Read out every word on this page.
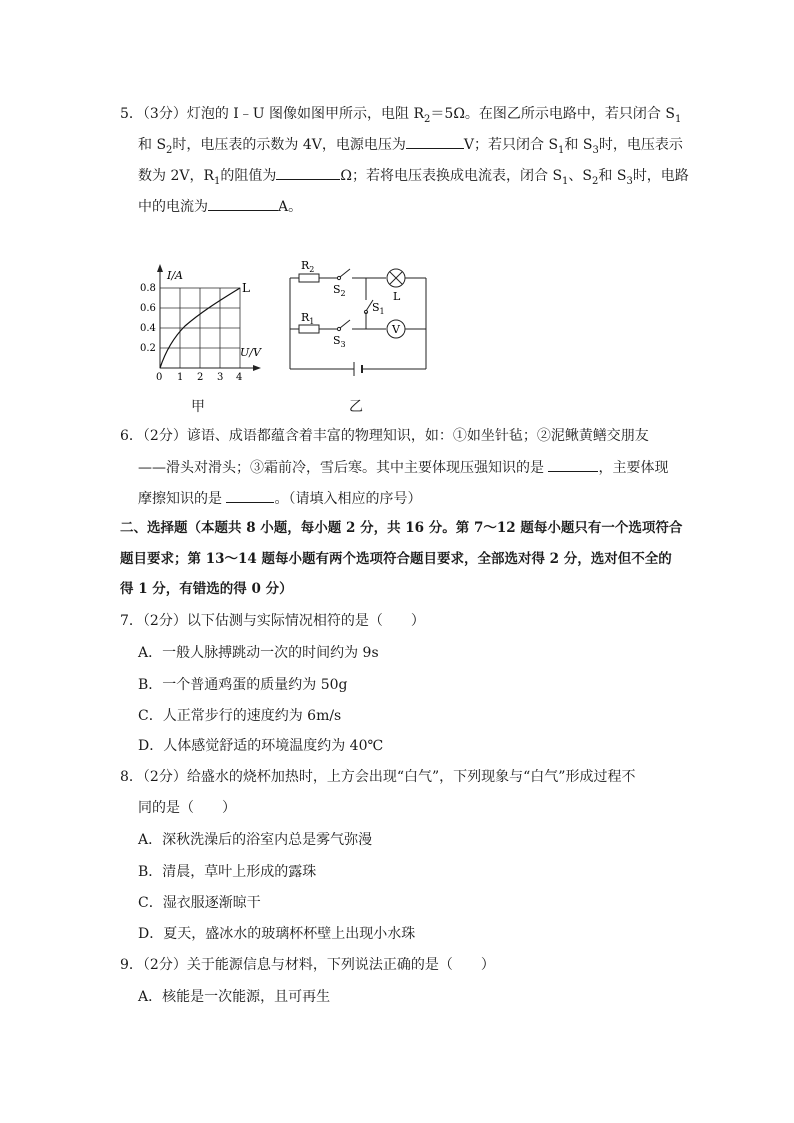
5．（3分）灯泡的 I﹣U 图像如图甲所示，电阻 $R_2=5\Omega$。在图乙所示电路中，若只闭合 $S_1$
和 $S_2$时，电压表的示数为 4V，电源电压为	V；若只闭合 $S_1$和 $S_3$时，电压表示
数为 2V，$R_1$的阻值为	Ω；若将电压表换成电流表，闭合 $S_1$、$S_2$和 $S_3$时，电路
中的电流为	A。
I/A
U/V
L
0.8
0.6
0.4
0.2
0 1 2 3 4
甲
$R_2$
$S_2$	L
$S_1$
$R_1$
$S_3$
V
乙
6．（2分）谚语、成语都蕴含着丰富的物理知识，如：①如坐针毡；②泥鳅黄鳝交朋友
——滑头对滑头；③霜前冷，雪后寒。其中主要体现压强知识的是	，主要体现
摩擦知识的是	。（请填入相应的序号）
二、选择题（本题共 8 小题，每小题 2 分，共 16 分。第 7～12 题每小题只有一个选项符合
题目要求；第 13～14 题每小题有两个选项符合题目要求，全部选对得 2 分，选对但不全的
得 1 分，有错选的得 0 分）
7．（2分）以下估测与实际情况相符的是（　　）
A．一般人脉搏跳动一次的时间约为 9s
B．一个普通鸡蛋的质量约为 50g
C．人正常步行的速度约为 6m/s
D．人体感觉舒适的环境温度约为 40℃
8．（2分）给盛水的烧杯加热时，上方会出现“白气”，下列现象与“白气”形成过程不
同的是（　　）
A．深秋洗澡后的浴室内总是雾气弥漫
B．清晨，草叶上形成的露珠
C．湿衣服逐渐晾干
D．夏天，盛冰水的玻璃杯杯壁上出现小水珠
9．（2分）关于能源信息与材料，下列说法正确的是（　　）
A．核能是一次能源，且可再生
